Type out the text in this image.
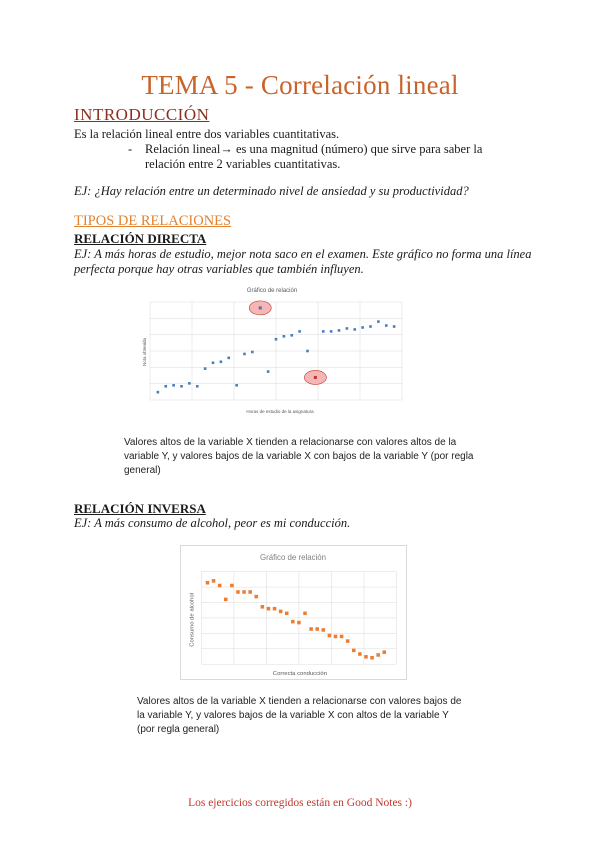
TEMA 5 - Correlación lineal
INTRODUCCIÓN
Es la relación lineal entre dos variables cuantitativas.
- Relación lineal→ es una magnitud (número) que sirve para saber la relación entre 2 variables cuantitativas.
EJ: ¿Hay relación entre un determinado nivel de ansiedad y su productividad?
TIPOS DE RELACIONES
RELACIÓN DIRECTA
EJ: A más horas de estudio, mejor nota saco en el examen. Este gráfico no forma una línea perfecta porque hay otras variables que también influyen.
Gráfico de relación
Horas de estudio de la asignatura
Nota obtenida
Valores altos de la variable X tienden a relacionarse con valores altos de la variable Y, y valores bajos de la variable X con bajos de la variable Y (por regla general)
RELACIÓN INVERSA
EJ: A más consumo de alcohol, peor es mi conducción.
Gráfico de relación
Correcta conducción
Consumo de alcohol
Valores altos de la variable X tienden a relacionarse con valores bajos de la variable Y, y valores bajos de la variable X con altos de la variable Y (por regla general)
Los ejercicios corregidos están en Good Notes :)
